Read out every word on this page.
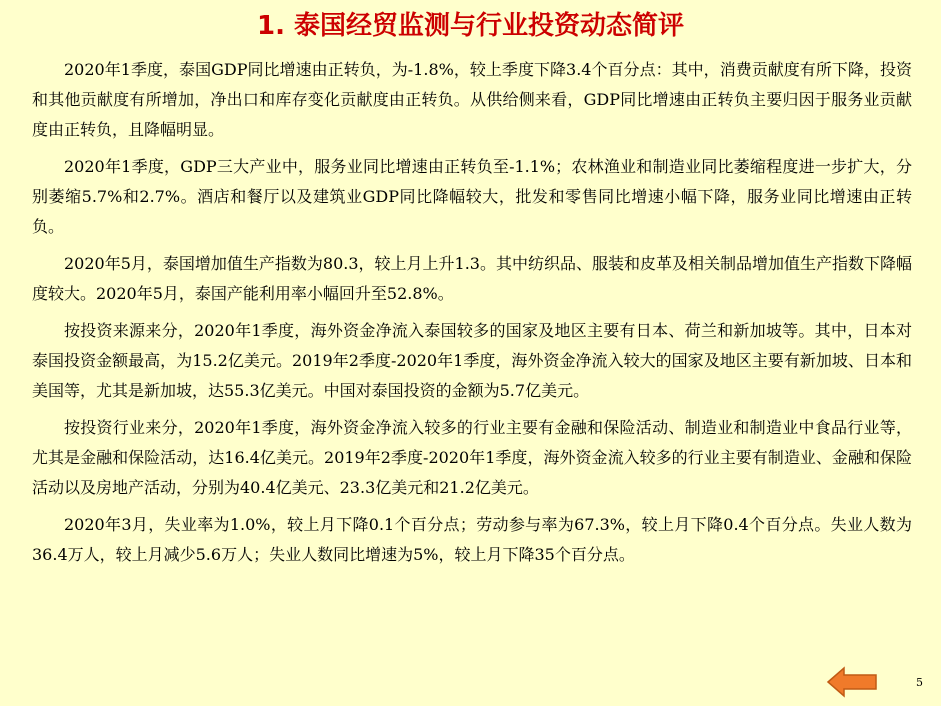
1. 泰国经贸监测与行业投资动态简评

2020年1季度，泰国GDP同比增速由正转负，为-1.8%，较上季度下降3.4个百分点：其中，消费贡献度有所下降，投资和其他贡献度有所增加，净出口和库存变化贡献度由正转负。从供给侧来看，GDP同比增速由正转负主要归因于服务业贡献度由正转负，且降幅明显。

2020年1季度，GDP三大产业中，服务业同比增速由正转负至-1.1%；农林渔业和制造业同比萎缩程度进一步扩大，分别萎缩5.7%和2.7%。酒店和餐厅以及建筑业GDP同比降幅较大，批发和零售同比增速小幅下降，服务业同比增速由正转负。

2020年5月，泰国增加值生产指数为80.3，较上月上升1.3。其中纺织品、服装和皮革及相关制品增加值生产指数下降幅度较大。2020年5月，泰国产能利用率小幅回升至52.8%。

按投资来源来分，2020年1季度，海外资金净流入泰国较多的国家及地区主要有日本、荷兰和新加坡等。其中，日本对泰国投资金额最高，为15.2亿美元。2019年2季度-2020年1季度，海外资金净流入较大的国家及地区主要有新加坡、日本和美国等，尤其是新加坡，达55.3亿美元。中国对泰国投资的金额为5.7亿美元。

按投资行业来分，2020年1季度，海外资金净流入较多的行业主要有金融和保险活动、制造业和制造业中食品行业等，尤其是金融和保险活动，达16.4亿美元。2019年2季度-2020年1季度，海外资金流入较多的行业主要有制造业、金融和保险活动以及房地产活动，分别为40.4亿美元、23.3亿美元和21.2亿美元。

2020年3月，失业率为1.0%，较上月下降0.1个百分点；劳动参与率为67.3%，较上月下降0.4个百分点。失业人数为36.4万人，较上月减少5.6万人；失业人数同比增速为5%，较上月下降35个百分点。

5
